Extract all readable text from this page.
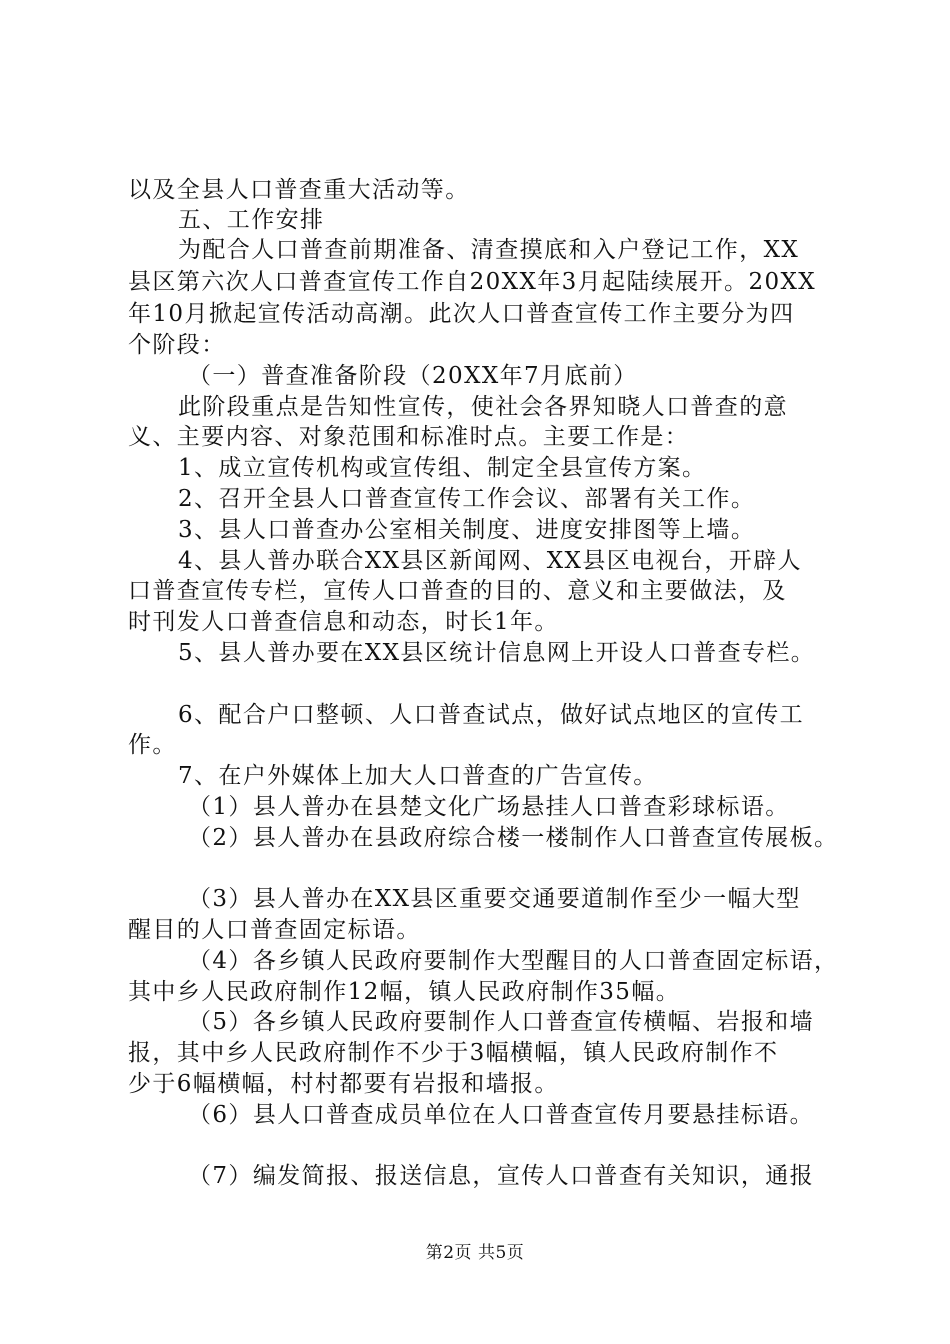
以及全县人口普查重大活动等。

五、工作安排

为配合人口普查前期准备、清查摸底和入户登记工作，XX

县区第六次人口普查宣传工作自20XX年3月起陆续展开。20XX

年10月掀起宣传活动高潮。此次人口普查宣传工作主要分为四

个阶段：

（一）普查准备阶段（20XX年7月底前）

此阶段重点是告知性宣传，使社会各界知晓人口普查的意

义、主要内容、对象范围和标准时点。主要工作是：

1、成立宣传机构或宣传组、制定全县宣传方案。

2、召开全县人口普查宣传工作会议、部署有关工作。

3、县人口普查办公室相关制度、进度安排图等上墙。

4、县人普办联合XX县区新闻网、XX县区电视台，开辟人

口普查宣传专栏，宣传人口普查的目的、意义和主要做法，及

时刊发人口普查信息和动态，时长1年。

5、县人普办要在XX县区统计信息网上开设人口普查专栏。

6、配合户口整顿、人口普查试点，做好试点地区的宣传工

作。

7、在户外媒体上加大人口普查的广告宣传。

（1）县人普办在县楚文化广场悬挂人口普查彩球标语。

（2）县人普办在县政府综合楼一楼制作人口普查宣传展板。

（3）县人普办在XX县区重要交通要道制作至少一幅大型

醒目的人口普查固定标语。

（4）各乡镇人民政府要制作大型醒目的人口普查固定标语，

其中乡人民政府制作12幅，镇人民政府制作35幅。

（5）各乡镇人民政府要制作人口普查宣传横幅、岩报和墙

报，其中乡人民政府制作不少于3幅横幅，镇人民政府制作不

少于6幅横幅，村村都要有岩报和墙报。

（6）县人口普查成员单位在人口普查宣传月要悬挂标语。

（7）编发简报、报送信息，宣传人口普查有关知识，通报

第2页 共5页
